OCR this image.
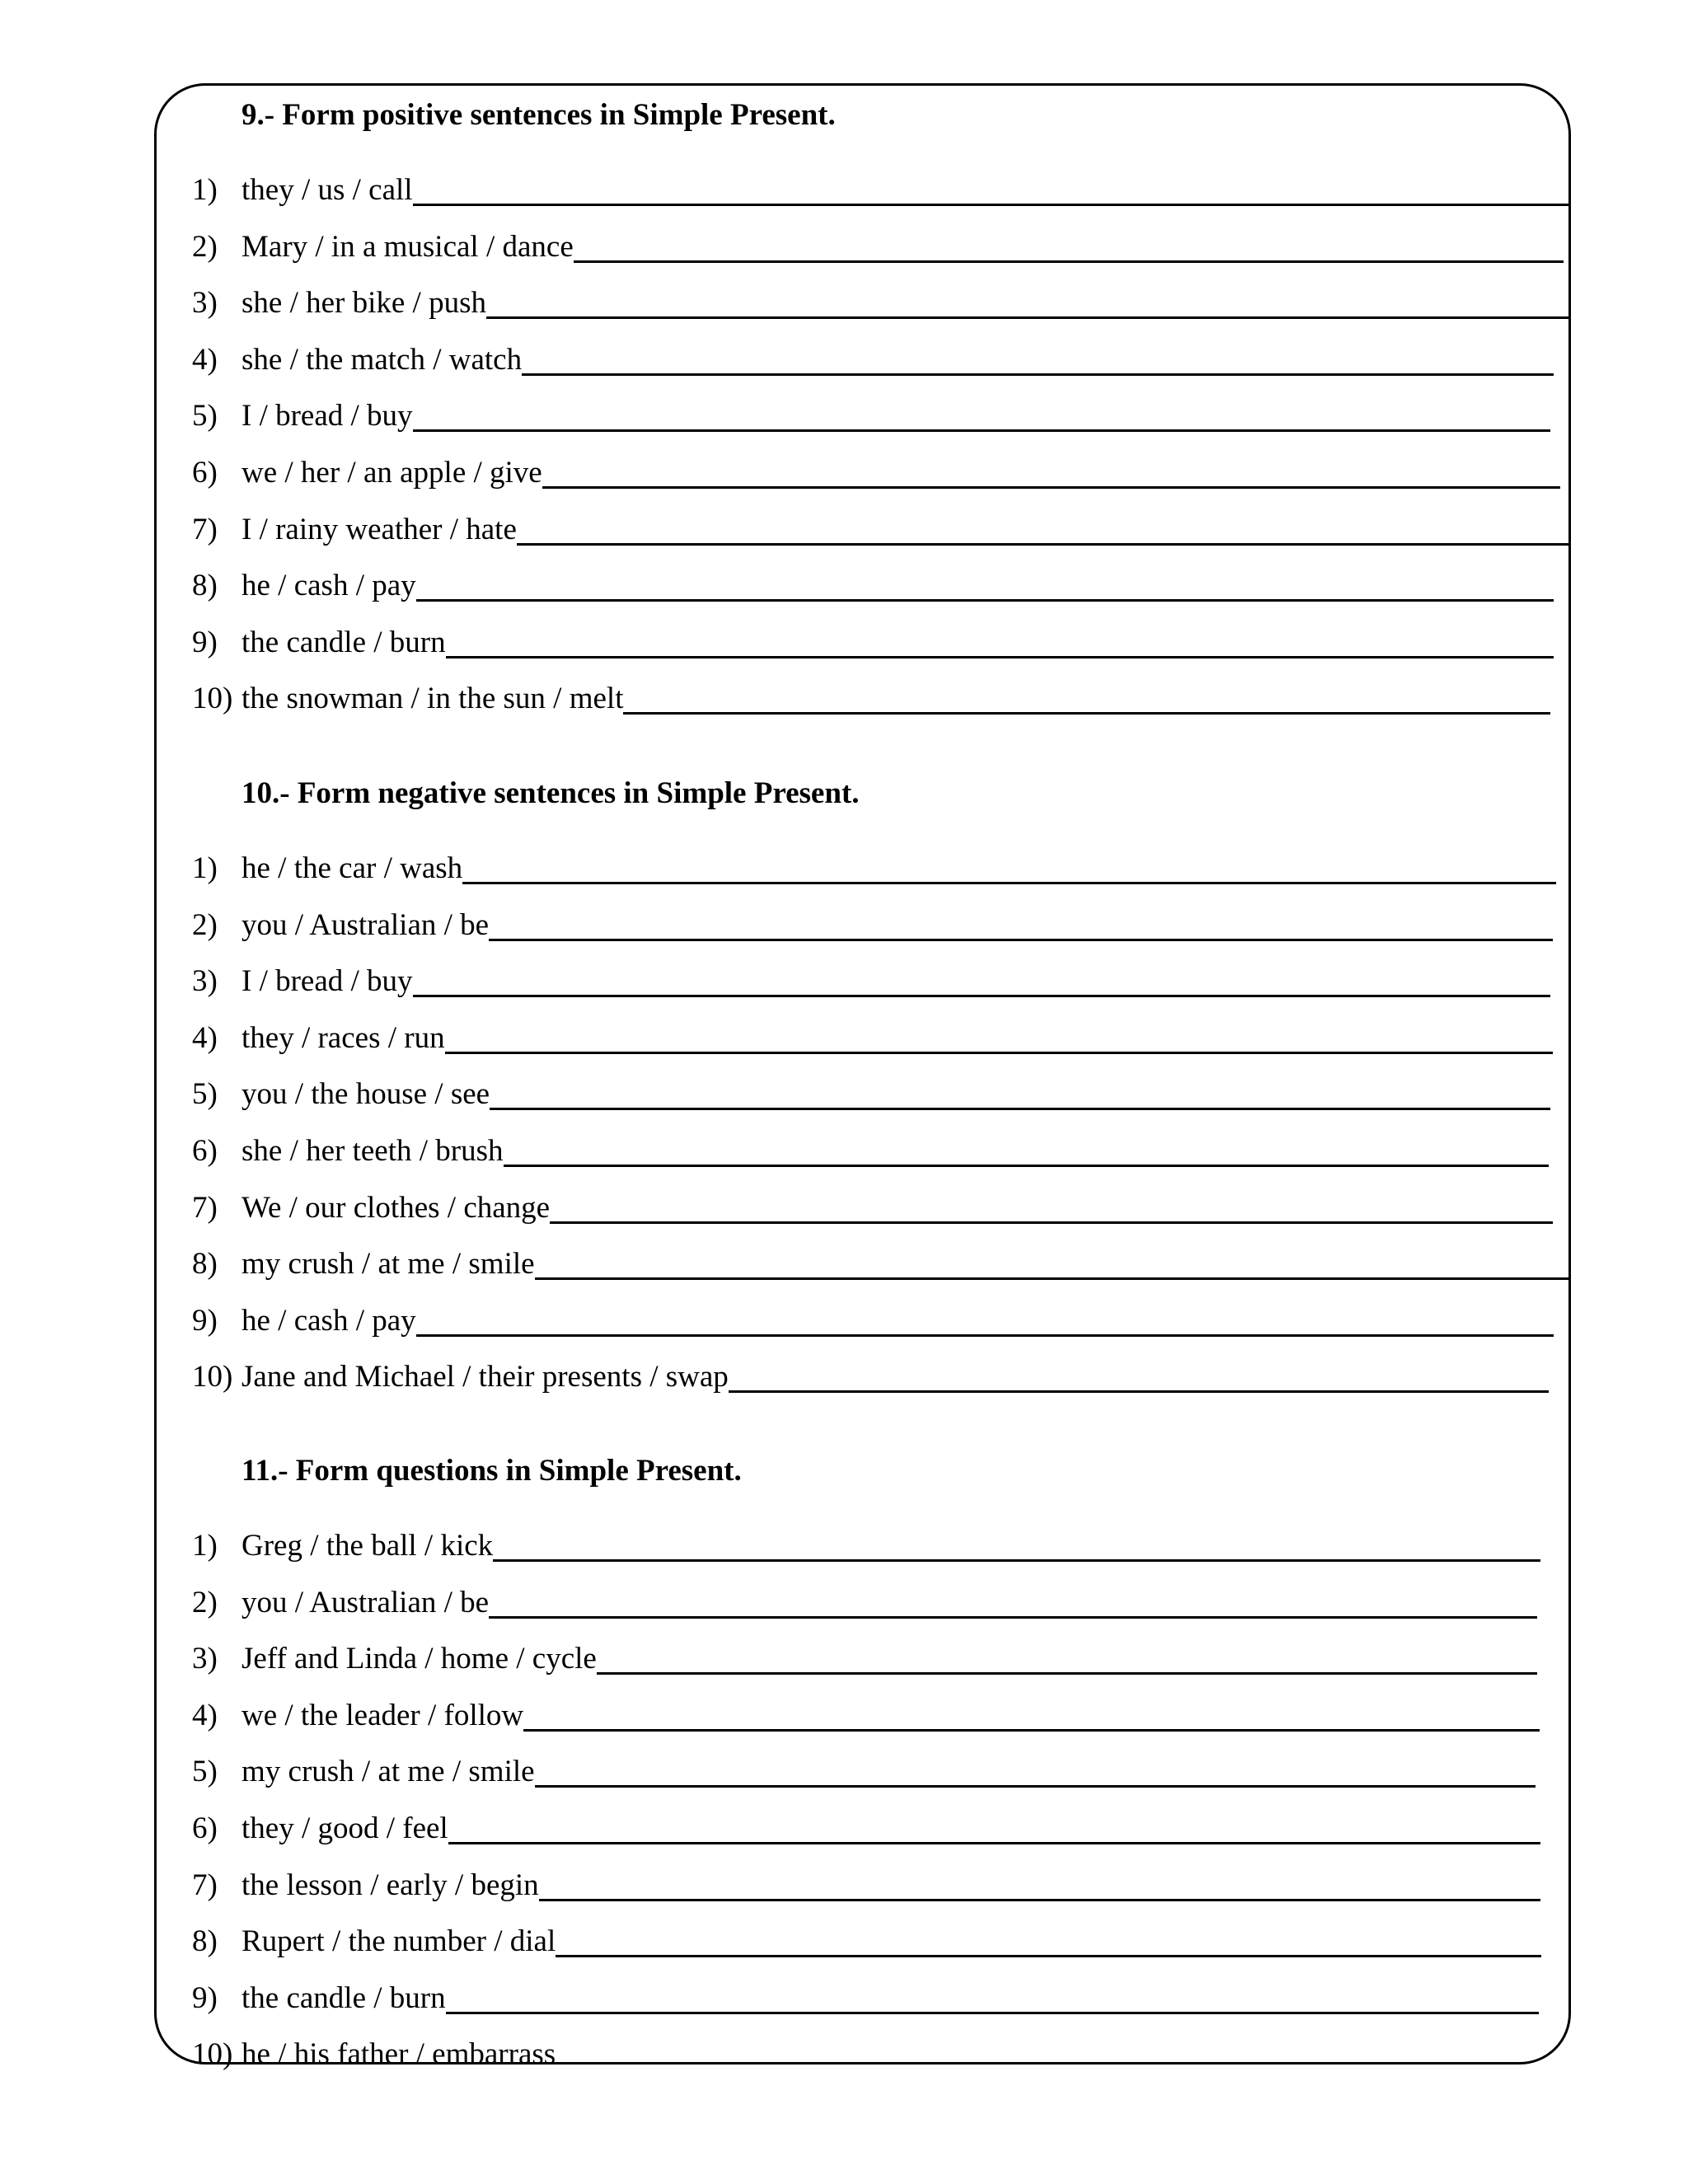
9.- Form positive sentences in Simple Present.
1) they / us / call
2) Mary / in a musical / dance
3) she / her bike / push
4) she / the match / watch
5) I / bread / buy
6) we / her / an apple / give
7) I / rainy weather / hate
8) he / cash / pay
9) the candle / burn
10) the snowman / in the sun / melt
10.- Form negative sentences in Simple Present.
1) he / the car / wash
2) you / Australian / be
3) I / bread / buy
4) they / races / run
5) you / the house / see
6) she / her teeth / brush
7) We / our clothes / change
8) my crush / at me / smile
9) he / cash / pay
10) Jane and Michael / their presents / swap
11.- Form questions in Simple Present.
1) Greg / the ball / kick
2) you / Australian / be
3) Jeff and Linda / home / cycle
4) we / the leader / follow
5) my crush / at me / smile
6) they / good / feel
7) the lesson / early / begin
8) Rupert / the number / dial
9) the candle / burn
10) he / his father / embarrass
